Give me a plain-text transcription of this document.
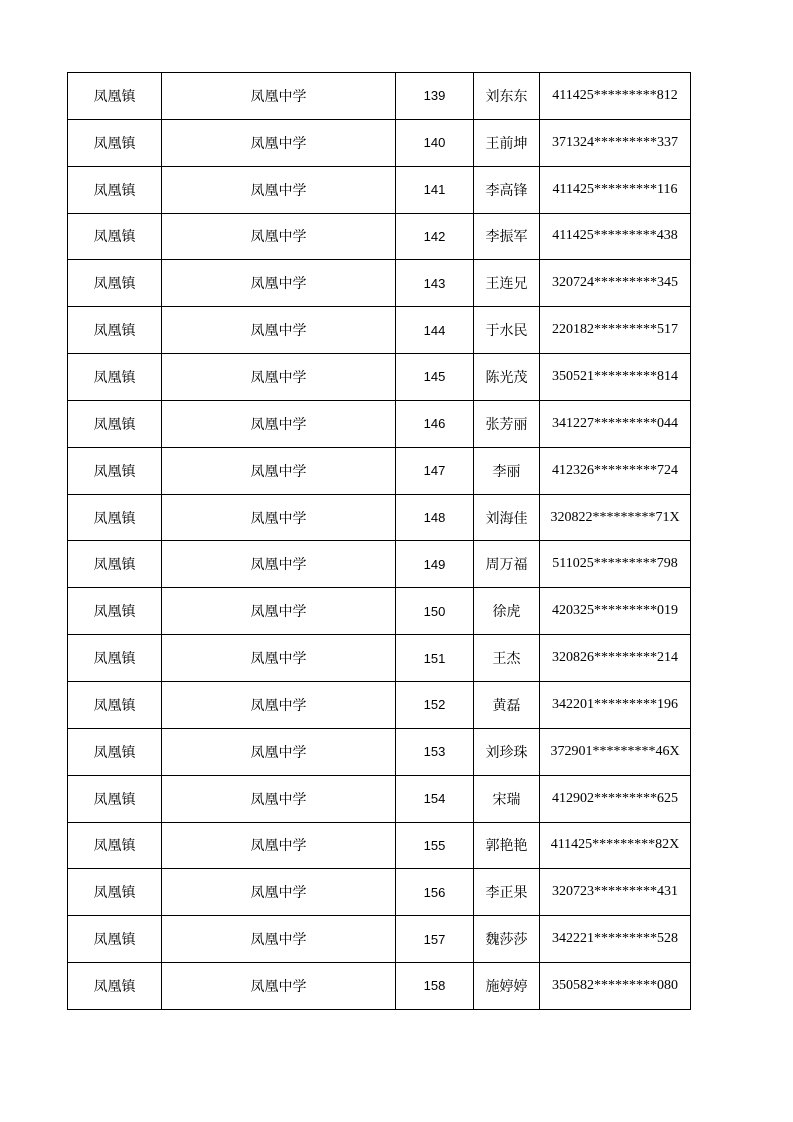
凤凰镇	凤凰中学	139	刘东东	411425*********812
凤凰镇	凤凰中学	140	王前坤	371324*********337
凤凰镇	凤凰中学	141	李高锋	411425*********116
凤凰镇	凤凰中学	142	李振军	411425*********438
凤凰镇	凤凰中学	143	王连兄	320724*********345
凤凰镇	凤凰中学	144	于水民	220182*********517
凤凰镇	凤凰中学	145	陈光茂	350521*********814
凤凰镇	凤凰中学	146	张芳丽	341227*********044
凤凰镇	凤凰中学	147	李丽	412326*********724
凤凰镇	凤凰中学	148	刘海佳	320822*********71X
凤凰镇	凤凰中学	149	周万福	511025*********798
凤凰镇	凤凰中学	150	徐虎	420325*********019
凤凰镇	凤凰中学	151	王杰	320826*********214
凤凰镇	凤凰中学	152	黄磊	342201*********196
凤凰镇	凤凰中学	153	刘珍珠	372901*********46X
凤凰镇	凤凰中学	154	宋瑞	412902*********625
凤凰镇	凤凰中学	155	郭艳艳	411425*********82X
凤凰镇	凤凰中学	156	李正果	320723*********431
凤凰镇	凤凰中学	157	魏莎莎	342221*********528
凤凰镇	凤凰中学	158	施婷婷	350582*********080
